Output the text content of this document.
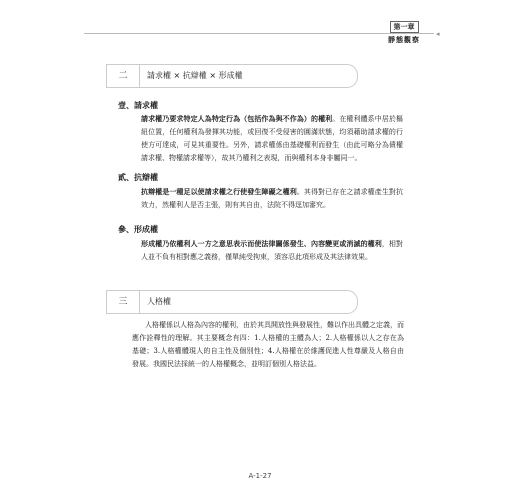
第一章
靜態觀察
◂
二	請求權 × 抗辯權 × 形成權
壹、請求權

請求權乃要求特定人為特定行為（包括作為與不作為）的權利。在權利體系中居於樞紐位置，任何權利為發揮其功能，或回復不受侵害的圓滿狀態，均須藉助請求權的行使方可達成，可見其重要性。另外，請求權係由基礎權利而發生（由此可略分為債權請求權、物權請求權等），故其乃權利之表現，而與權利本身非屬同一。

貳、抗辯權

抗辯權是一種足以使請求權之行使發生障礙之權利。其得對已存在之請求權產生對抗效力，然權利人是否主張，則有其自由，法院不得逕加審究。

參、形成權

形成權乃依權利人一方之意思表示而使法律關係發生、內容變更或消滅的權利，相對人並不負有相對應之義務，僅單純受拘束，須容忍此項形成及其法律效果。

三	人格權

人格權係以人格為內容的權利，由於其具開放性與發展性，難以作出具體之定義，而應作詮釋性的理解。其主要概念有四：1.人格權的主體為人；2.人格權係以人之存在為基礎；3.人格權體現人的自主性及個別性；4.人格權在於維護促進人性尊嚴及人格自由發展。我國民法採統一的人格權概念，並明訂個別人格法益。

A-1-27
